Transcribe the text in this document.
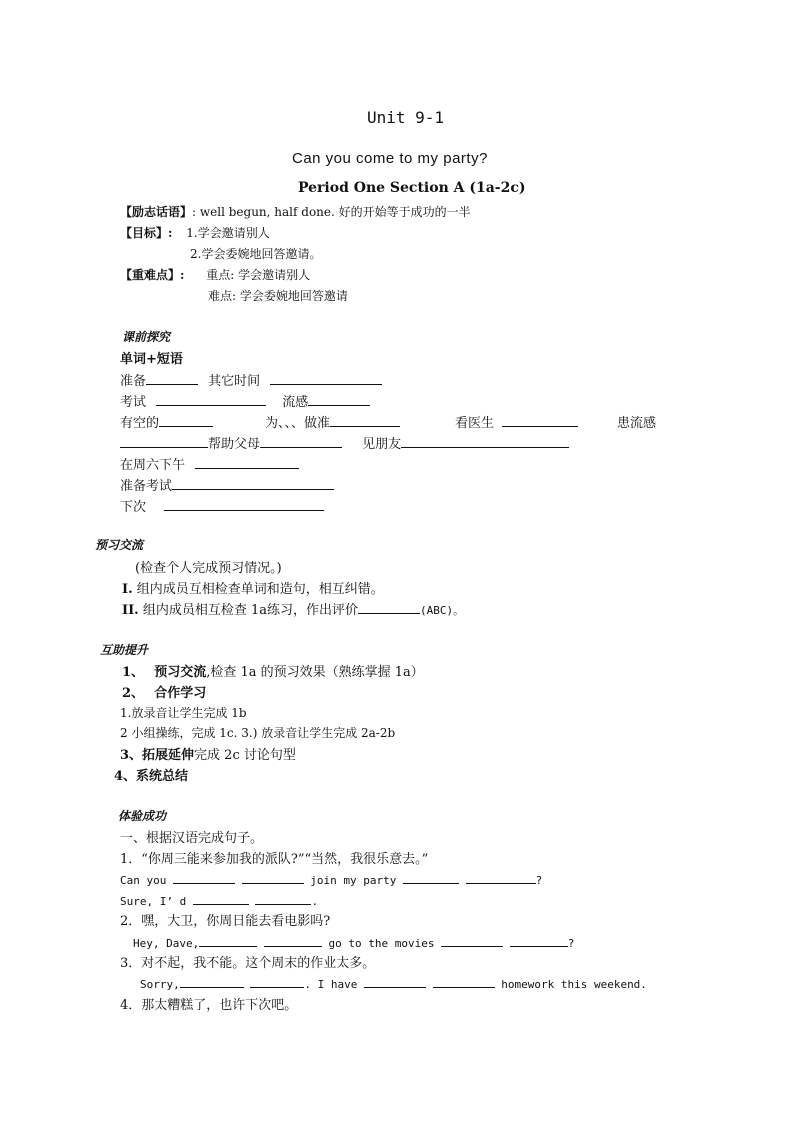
Unit 9-1
Can you come to my party?
Period One Section A (1a-2c)
【励志话语】: well begun, half done. 好的开始等于成功的一半
【目标】: 1.学会邀请别人
2.学会委婉地回答邀请。
【重难点】: 重点: 学会邀请别人
难点: 学会委婉地回答邀请
课前探究
单词+短语
准备	其它时间
考试	流感
有空的	为、、、做准	看医生	患流感
帮助父母	见朋友
在周六下午
准备考试
下次
预习交流
(检查个人完成预习情况。)
I. 组内成员互相检查单词和造句，相互纠错。
II. 组内成员相互检查 1a练习，作出评价	(ABC)。
互助提升
1、 预习交流,检查 1a 的预习效果（熟练掌握 1a）
2、 合作学习
1.放录音让学生完成 1b
2 小组操练，完成 1c. 3.) 放录音让学生完成 2a-2b
3、拓展延伸完成 2c 讨论句型
4、系统总结
体验成功
一、根据汉语完成句子。
1．“你周三能来参加我的派队?”“当然，我很乐意去。”
Can you	join my party	?
Sure, I’ d	.
2．嘿，大卫，你周日能去看电影吗?
Hey, Dave,	go to the movies	?
3．对不起，我不能。这个周末的作业太多。
Sorry,	. I have	homework this weekend.
4．那太糟糕了，也许下次吧。
